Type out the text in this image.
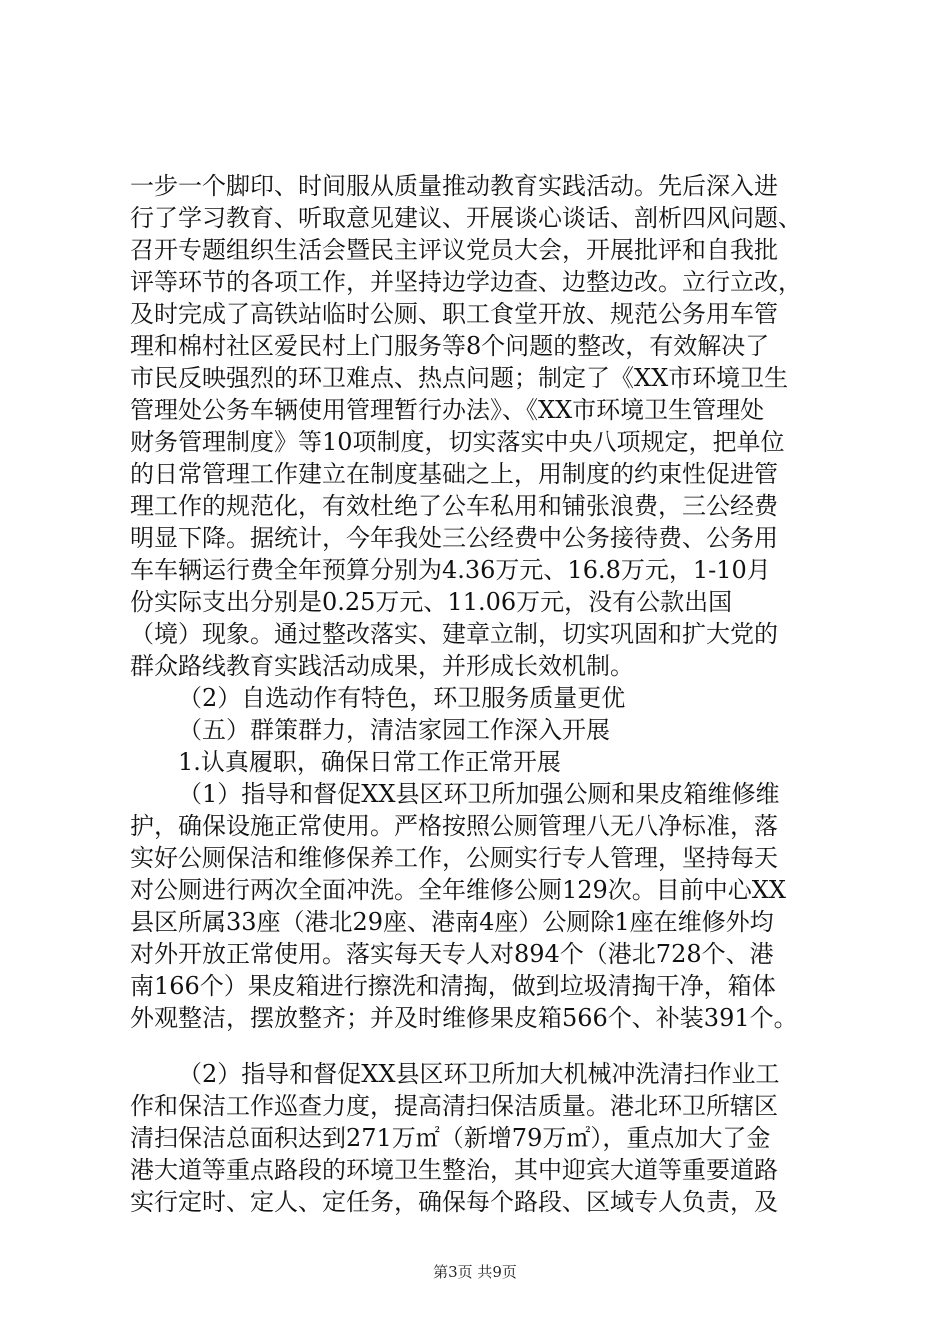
一步一个脚印、时间服从质量推动教育实践活动。先后深入进
行了学习教育、听取意见建议、开展谈心谈话、剖析四风问题、
召开专题组织生活会暨民主评议党员大会，开展批评和自我批
评等环节的各项工作，并坚持边学边查、边整边改。立行立改，
及时完成了高铁站临时公厕、职工食堂开放、规范公务用车管
理和棉村社区爱民村上门服务等8个问题的整改，有效解决了
市民反映强烈的环卫难点、热点问题；制定了《XX市环境卫生
管理处公务车辆使用管理暂行办法》、《XX市环境卫生管理处
财务管理制度》等10项制度，切实落实中央八项规定，把单位
的日常管理工作建立在制度基础之上，用制度的约束性促进管
理工作的规范化，有效杜绝了公车私用和铺张浪费，三公经费
明显下降。据统计，今年我处三公经费中公务接待费、公务用
车车辆运行费全年预算分别为4.36万元、16.8万元，1-10月
份实际支出分别是0.25万元、11.06万元，没有公款出国
（境）现象。通过整改落实、建章立制，切实巩固和扩大党的
群众路线教育实践活动成果，并形成长效机制。
（2）自选动作有特色，环卫服务质量更优
（五）群策群力，清洁家园工作深入开展
1.认真履职，确保日常工作正常开展
（1）指导和督促XX县区环卫所加强公厕和果皮箱维修维
护，确保设施正常使用。严格按照公厕管理八无八净标准，落
实好公厕保洁和维修保养工作，公厕实行专人管理，坚持每天
对公厕进行两次全面冲洗。全年维修公厕129次。目前中心XX
县区所属33座（港北29座、港南4座）公厕除1座在维修外均
对外开放正常使用。落实每天专人对894个（港北728个、港
南166个）果皮箱进行擦洗和清掏，做到垃圾清掏干净，箱体
外观整洁，摆放整齐；并及时维修果皮箱566个、补装391个。
（2）指导和督促XX县区环卫所加大机械冲洗清扫作业工
作和保洁工作巡查力度，提高清扫保洁质量。港北环卫所辖区
清扫保洁总面积达到271万㎡（新增79万㎡），重点加大了金
港大道等重点路段的环境卫生整治，其中迎宾大道等重要道路
实行定时、定人、定任务，确保每个路段、区域专人负责，及
第3页 共9页
